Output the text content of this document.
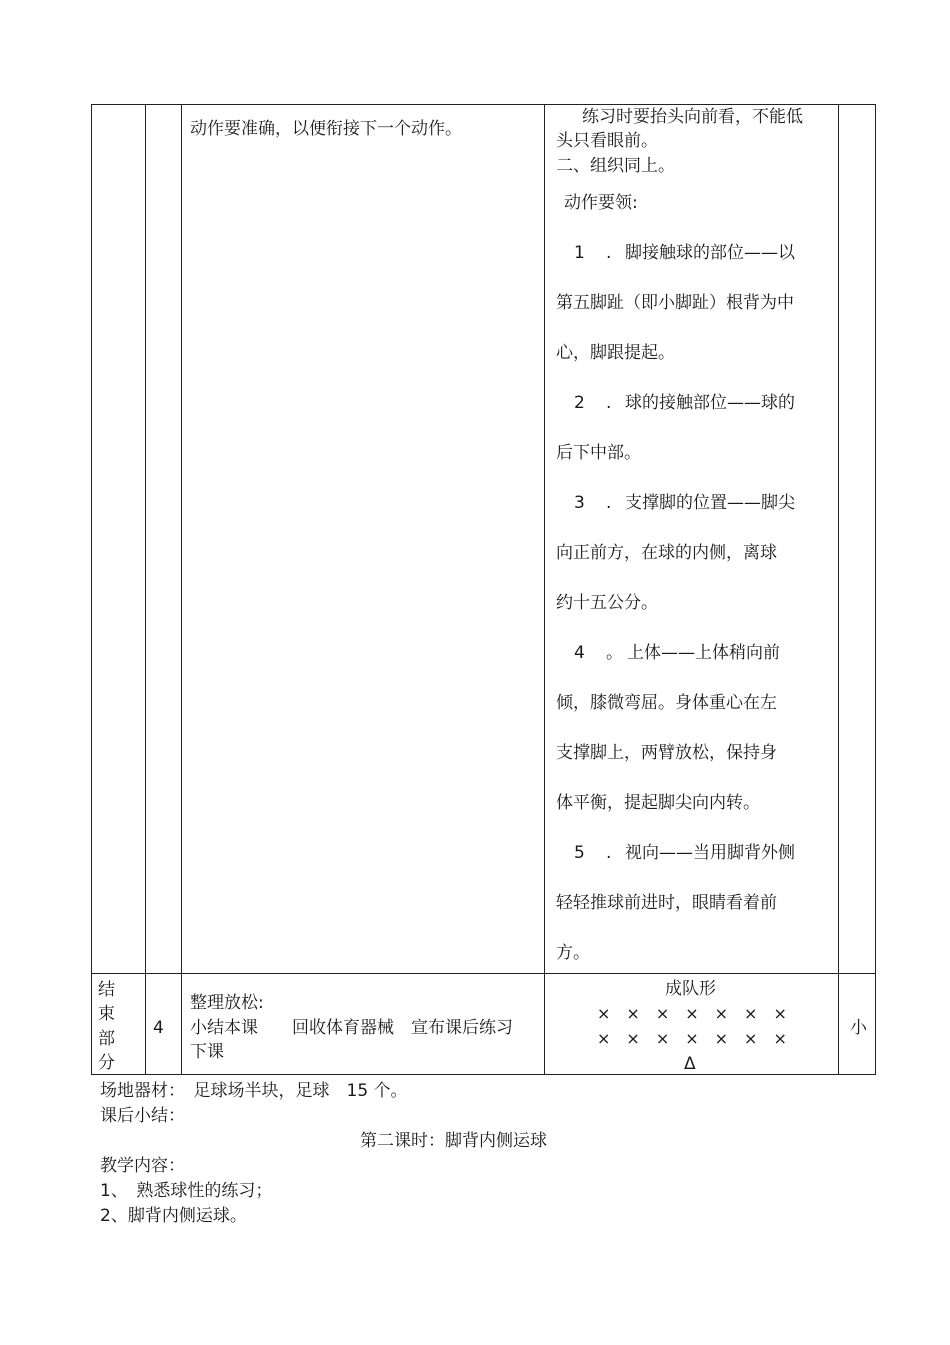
动作要准确，以便衔接下一个动作。
练习时要抬头向前看，不能低
头只看眼前。
二、组织同上。
动作要领:
1 . 脚接触球的部位——以
第五脚趾（即小脚趾）根背为中
心，脚跟提起。
2 . 球的接触部位——球的
后下中部。
3 . 支撑脚的位置——脚尖
向正前方，在球的内侧，离球
约十五公分。
4 。 上体——上体稍向前
倾，膝微弯屈。身体重心在左
支撑脚上，两臂放松，保持身
体平衡，提起脚尖向内转。
5 . 视向——当用脚背外侧
轻轻推球前进时，眼睛看着前
方。
结
束
部
分
4
整理放松:
小结本课　　回收体育器械　宣布课后练习
下课
成队形
×　×　×　×　×　×　×
×　×　×　×　×　×　×
Δ
小
场地器材：　足球场半块，足球　15 个。
课后小结：
第二课时：脚背内侧运球
教学内容：
1、　熟悉球性的练习；
2、脚背内侧运球。
